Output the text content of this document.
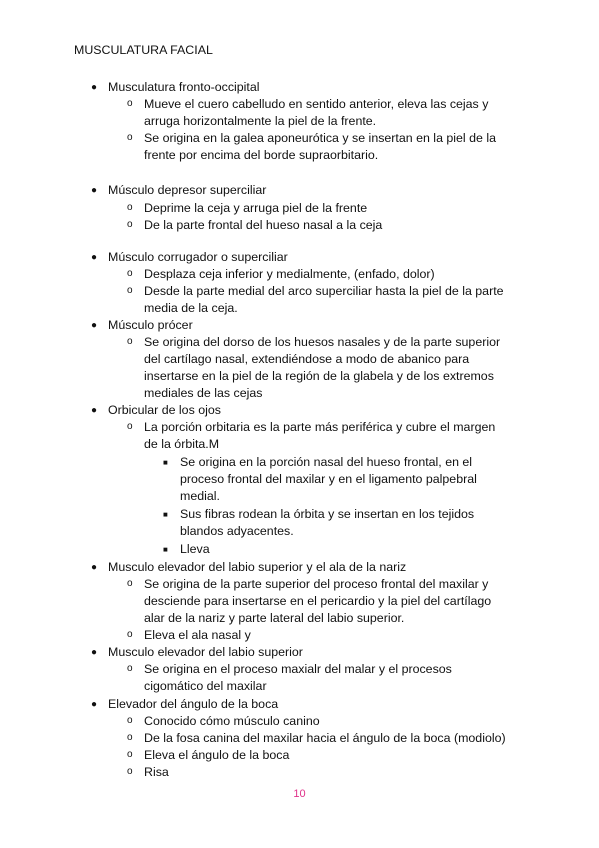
MUSCULATURA FACIAL
● Musculatura fronto-occipital
o Mueve el cuero cabelludo en sentido anterior, eleva las cejas y
arruga horizontalmente la piel de la frente.
o Se origina en la galea aponeurótica y se insertan en la piel de la
frente por encima del borde supraorbitario.
● Músculo depresor superciliar
o Deprime la ceja y arruga piel de la frente
o De la parte frontal del hueso nasal a la ceja
● Músculo corrugador o superciliar
o Desplaza ceja inferior y medialmente, (enfado, dolor)
o Desde la parte medial del arco superciliar hasta la piel de la parte
media de la ceja.
● Músculo prócer
o Se origina del dorso de los huesos nasales y de la parte superior
del cartílago nasal, extendiéndose a modo de abanico para
insertarse en la piel de la región de la glabela y de los extremos
mediales de las cejas
● Orbicular de los ojos
o La porción orbitaria es la parte más periférica y cubre el margen
de la órbita.M
■ Se origina en la porción nasal del hueso frontal, en el
proceso frontal del maxilar y en el ligamento palpebral
medial.
■ Sus fibras rodean la órbita y se insertan en los tejidos
blandos adyacentes.
■ Lleva
● Musculo elevador del labio superior y el ala de la nariz
o Se origina de la parte superior del proceso frontal del maxilar y
desciende para insertarse en el pericardio y la piel del cartílago
alar de la nariz y parte lateral del labio superior.
o Eleva el ala nasal y
● Musculo elevador del labio superior
o Se origina en el proceso maxialr del malar y el procesos
cigomático del maxilar
● Elevador del ángulo de la boca
o Conocido cómo músculo canino
o De la fosa canina del maxilar hacia el ángulo de la boca (modiolo)
o Eleva el ángulo de la boca
o Risa
10
